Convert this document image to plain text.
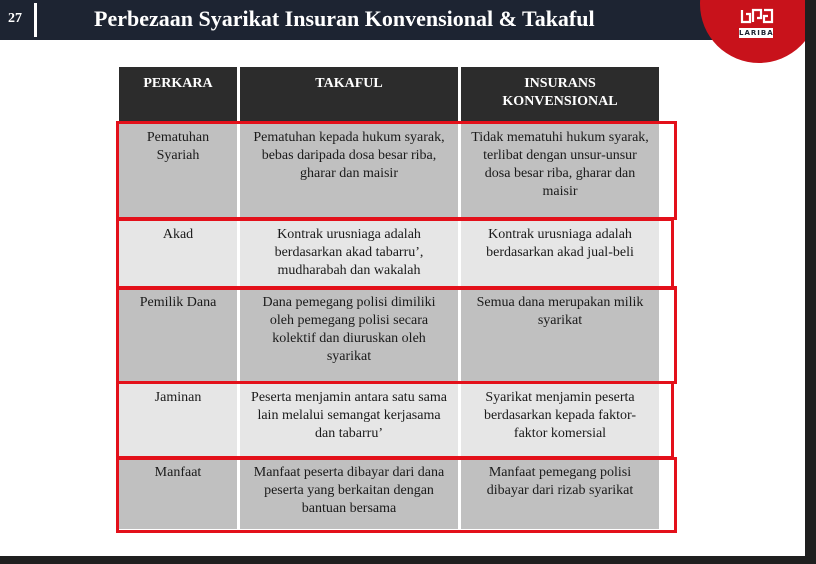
27	Perbezaan Syarikat Insuran Konvensional & Takaful
LARIBA
PERKARA	TAKAFUL	INSURANS KONVENSIONAL
Pematuhan Syariah	Pematuhan kepada hukum syarak, bebas daripada dosa besar riba, gharar dan maisir	Tidak mematuhi hukum syarak, terlibat dengan unsur-unsur dosa besar riba, gharar dan maisir
Akad	Kontrak urusniaga adalah berdasarkan akad tabarru’, mudharabah dan wakalah	Kontrak urusniaga adalah berdasarkan akad jual-beli
Pemilik Dana	Dana pemegang polisi dimiliki oleh pemegang polisi secara kolektif dan diuruskan oleh syarikat	Semua dana merupakan milik syarikat
Jaminan	Peserta menjamin antara satu sama lain melalui semangat kerjasama dan tabarru’	Syarikat menjamin peserta berdasarkan kepada faktor-faktor komersial
Manfaat	Manfaat peserta dibayar dari dana peserta yang berkaitan dengan bantuan bersama	Manfaat pemegang polisi dibayar dari rizab syarikat
